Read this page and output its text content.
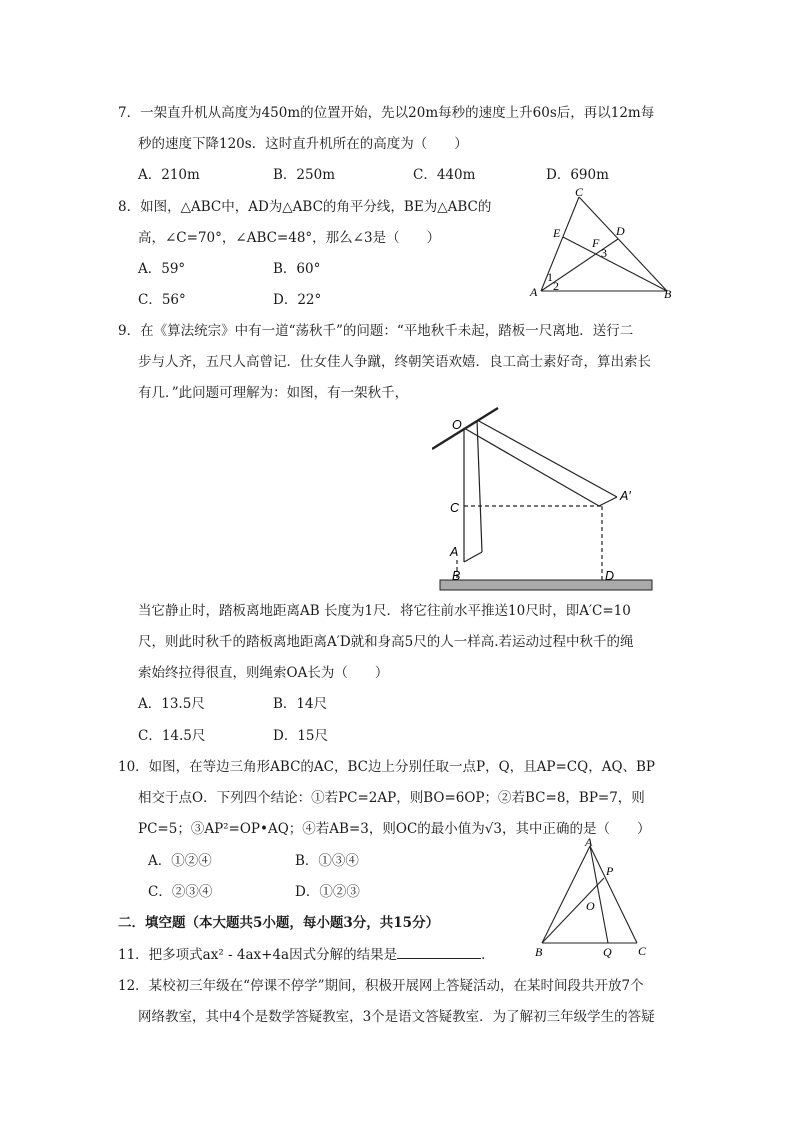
7．一架直升机从高度为450m的位置开始，先以20m每秒的速度上升60s后，再以12m每
秒的速度下降120s．这时直升机所在的高度为（　　）
A．210m	B．250m	C．440m	D．690m
8．如图，△ABC中，AD为△ABC的角平分线，BE为△ABC的
高，∠C=70°，∠ABC=48°，那么∠3是（　　）
A．59°	B．60°
C．56°	D．22°
C
E	D
F
3
1
2
A	B
9．在《算法统宗》中有一道“荡秋千”的问题：“平地秋千未起，踏板一尺离地．送行二
步与人齐，五尺人高曾记．仕女佳人争蹴，终朝笑语欢嬉．良工高士素好奇，算出索长
有几．”此问题可理解为：如图，有一架秋千，
O
C
A
B	D
A′
当它静止时，踏板离地距离AB 长度为1尺．将它往前水平推送10尺时，即A′C=10
尺，则此时秋千的踏板离地距离A′D就和身高5尺的人一样高.若运动过程中秋千的绳
索始终拉得很直，则绳索OA长为（　　）
A．13.5尺	B．14尺
C．14.5尺	D．15尺
10．如图，在等边三角形ABC的AC，BC边上分别任取一点P，Q，且AP=CQ，AQ、BP
相交于点O．下列四个结论：①若PC=2AP，则BO=6OP；②若BC=8，BP=7，则
PC=5；③AP²=OP•AQ；④若AB=3，则OC的最小值为√3，其中正确的是（　　）
A．①②④	B．①③④
C．②③④	D．①②③
A
P
O
B	Q C
二．填空题（本大题共5小题，每小题3分，共15分）
11．把多项式ax² - 4ax+4a因式分解的结果是	．
12．某校初三年级在“停课不停学”期间，积极开展网上答疑活动，在某时间段共开放7个
网络教室，其中4个是数学答疑教室，3个是语文答疑教室．为了解初三年级学生的答疑
